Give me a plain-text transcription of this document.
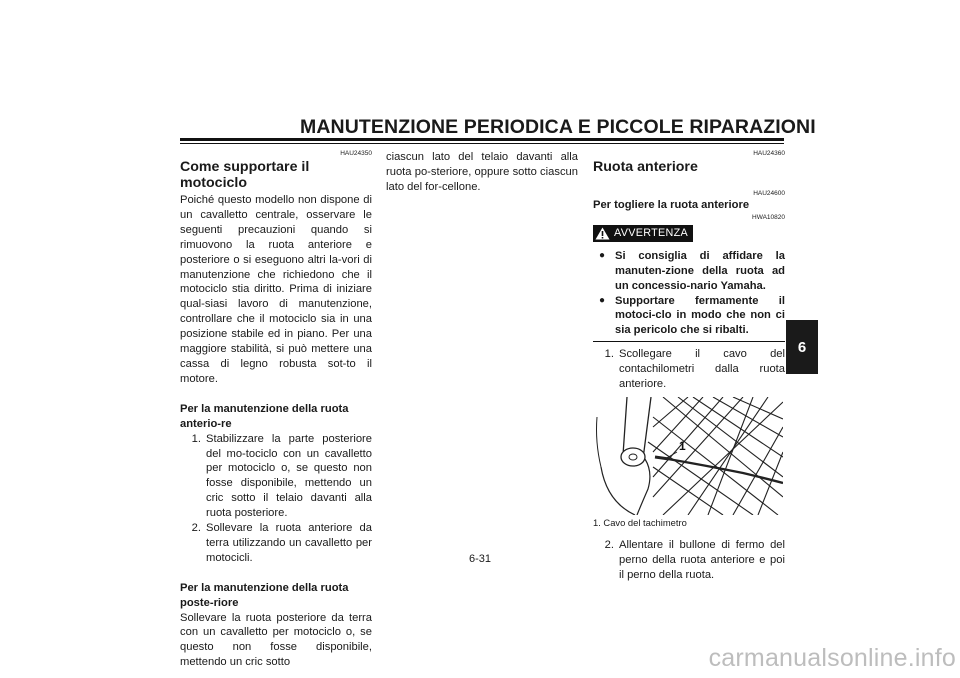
MANUTENZIONE PERIODICA E PICCOLE RIPARAZIONI
6
HAU24350
Come supportare il motociclo

Poiché questo modello non dispone di un cavalletto centrale, osservare le seguenti precauzioni quando si rimuovono la ruota anteriore e posteriore o si eseguono altri la-vori di manutenzione che richiedono che il motociclo stia diritto. Prima di iniziare qual-siasi lavoro di manutenzione, controllare che il motociclo sia in una posizione stabile ed in piano. Per una maggiore stabilità, si può mettere una cassa di legno robusta sot-to il motore.

Per la manutenzione della ruota anterio-re
1. Stabilizzare la parte posteriore del mo-tociclo con un cavalletto per motociclo o, se questo non fosse disponibile, mettendo un cric sotto il telaio davanti alla ruota posteriore.
2. Sollevare la ruota anteriore da terra utilizzando un cavalletto per motocicli.
Per la manutenzione della ruota poste-riore

Sollevare la ruota posteriore da terra con un cavalletto per motociclo o, se questo non fosse disponibile, mettendo un cric sotto

ciascun lato del telaio davanti alla ruota po-steriore, oppure sotto ciascun lato del for-cellone.

HAU24360
Ruota anteriore
HAU24600
Per togliere la ruota anteriore
HWA10820
AVVERTENZA
● Si consiglia di affidare la manuten-zione della ruota ad un concessio-nario Yamaha.
● Supportare fermamente il motoci-clo in modo che non ci sia pericolo che si ribalti.
1. Scollegare il cavo del contachilometri dalla ruota anteriore.
1
1. Cavo del tachimetro
2. Allentare il bullone di fermo del perno della ruota anteriore e poi il perno della ruota.
6-31
carmanualsonline.info
